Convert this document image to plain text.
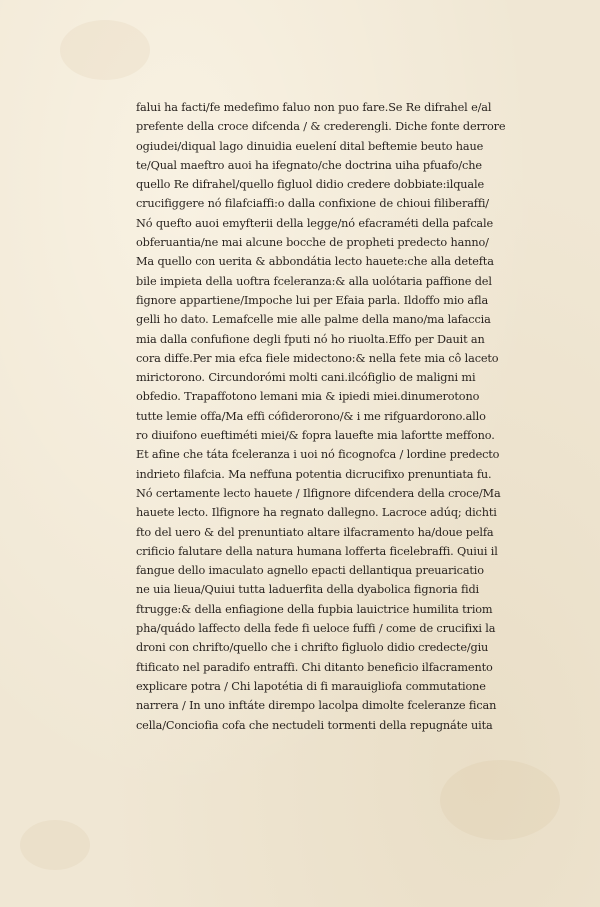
falui ha facti/fe medefimo faluo non puo fare.Se Re difrahel e/al
prefente della croce difcenda / & crederengli. Diche fonte derrore
ogiudei/diqual lago dinuidia euelení dital beftemie beuto haue
te/Qual maeftro auoi ha ifegnato/che doctrina uiha pfuafo/che
quello Re difrahel/quello figluol didio credere dobbiate:ilquale
crucifiggere nó filafciaffi:o dalla confixione de chioui filiberaffi/
Nó quefto auoi emyfterii della legge/nó efacraméti della pafcale
obferuantia/ne mai alcune bocche de propheti predecto hanno/
Ma quello con uerita & abbondátia lecto hauete:che alla detefta
bile impieta della uoftra fceleranza:& alla uolótaria paffione del
fignore appartiene/Impoche lui per Efaia parla. Ildoffo mio afla
gelli ho dato. Lemafcelle mie alle palme della mano/ma lafaccia
mia dalla confufione degli fputi nó ho riuolta.Effo per Dauit an
cora diffe.Per mia efca fiele midectono:& nella fete mia cô laceto
mirictorono. Circundorómi molti cani.ilcófiglio de maligni mi
obfedio. Trapaffotono lemani mia & ipiedi miei.dinumerotono
tutte lemie offa/Ma effi cófiderorono/& i me rifguardorono.allo
ro diuifono eueftiméti miei/& fopra lauefte mia lafortte meffono.
Et afine che táta fceleranza i uoi nó ficognofca / lordine predecto
indrieto filafcia. Ma neffuna potentia dicrucifixo prenuntiata fu.
Nó certamente lecto hauete / Ilfignore difcendera della croce/Ma
hauete lecto. Ilfignore ha regnato dallegno. Lacroce adúq; dichti
fto del uero & del prenuntiato altare ilfacramento ha/doue pelfa
crificio falutare della natura humana lofferta ficelebraffi. Quiui il
fangue dello imaculato agnello epacti dellantiqua preuaricatio
ne uia lieua/Quiui tutta laduerfita della dyabolica fignoria fidi
ftrugge:& della enfiagione della fupbia lauictrice humilita triom
pha/quádo laffecto della fede fi ueloce fuffi / come de crucifixi la
droni con chrifto/quello che i chrifto figluolo didio credecte/giu
ftificato nel paradifo entraffi. Chi ditanto beneficio ilfacramento
explicare potra / Chi lapotétia di fi marauigliofa commutatione
narrera / In uno inftáte dirempo lacolpa dimolte fceleranze fican
cella/Conciofia cofa che nectudeli tormenti della repugnáte uita
